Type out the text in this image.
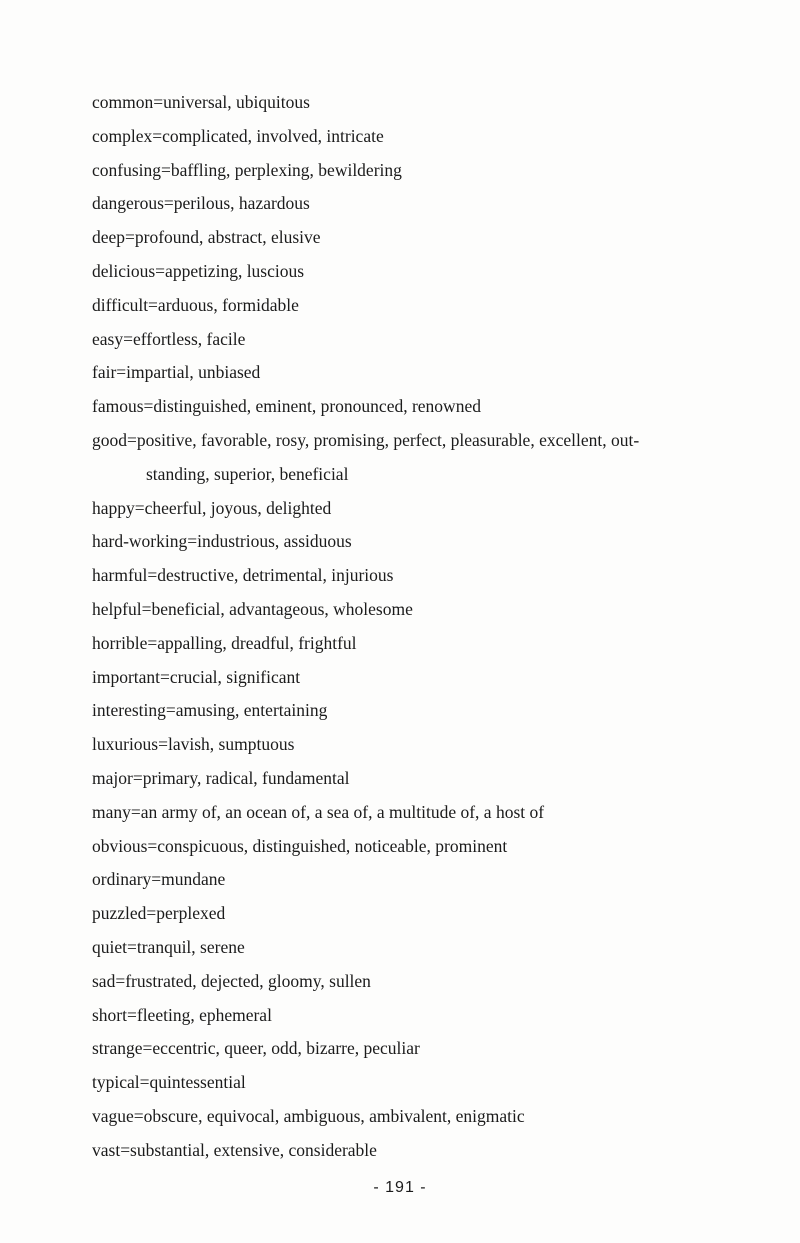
common=universal, ubiquitous
complex=complicated, involved, intricate
confusing=baffling, perplexing, bewildering
dangerous=perilous, hazardous
deep=profound, abstract, elusive
delicious=appetizing, luscious
difficult=arduous, formidable
easy=effortless, facile
fair=impartial, unbiased
famous=distinguished, eminent, pronounced, renowned
good=positive, favorable, rosy, promising, perfect, pleasurable, excellent, out-
standing, superior, beneficial
happy=cheerful, joyous, delighted
hard-working=industrious, assiduous
harmful=destructive, detrimental, injurious
helpful=beneficial, advantageous, wholesome
horrible=appalling, dreadful, frightful
important=crucial, significant
interesting=amusing, entertaining
luxurious=lavish, sumptuous
major=primary, radical, fundamental
many=an army of, an ocean of, a sea of, a multitude of, a host of
obvious=conspicuous, distinguished, noticeable, prominent
ordinary=mundane
puzzled=perplexed
quiet=tranquil, serene
sad=frustrated, dejected, gloomy, sullen
short=fleeting, ephemeral
strange=eccentric, queer, odd, bizarre, peculiar
typical=quintessential
vague=obscure, equivocal, ambiguous, ambivalent, enigmatic
vast=substantial, extensive, considerable
- 191 -
